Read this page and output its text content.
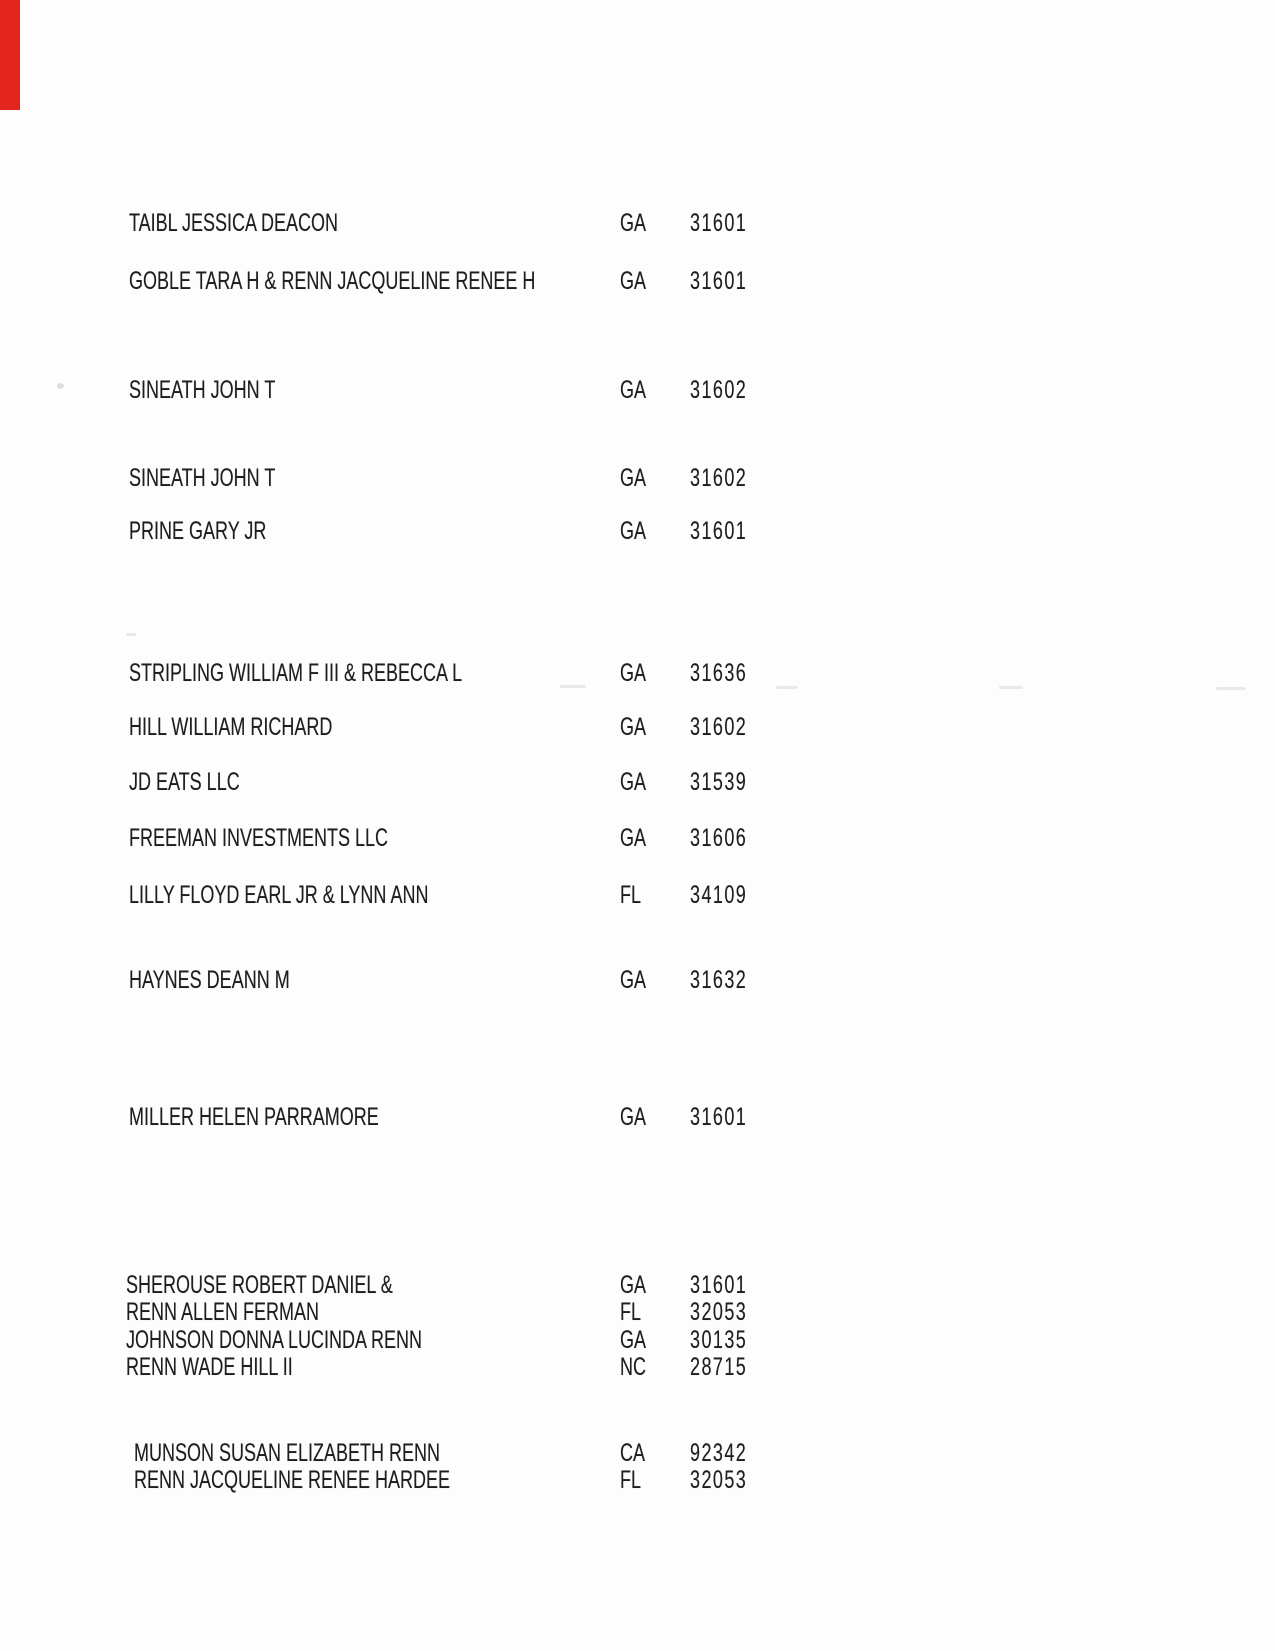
TAIBL JESSICA DEACON	GA 31601
GOBLE TARA H & RENN JACQUELINE RENEE H	GA 31601
SINEATH JOHN T	GA 31602
SINEATH JOHN T	GA 31602
PRINE GARY JR	GA 31601
STRIPLING WILLIAM F III & REBECCA L	GA 31636
HILL WILLIAM RICHARD	GA 31602
JD EATS LLC	GA 31539
FREEMAN INVESTMENTS LLC	GA 31606
LILLY FLOYD EARL JR & LYNN ANN	FL 34109
HAYNES DEANN M	GA 31632
MILLER HELEN PARRAMORE	GA 31601
SHEROUSE ROBERT DANIEL &	GA 31601
RENN ALLEN FERMAN	FL 32053
JOHNSON DONNA LUCINDA RENN	GA 30135
RENN WADE HILL II	NC 28715
MUNSON SUSAN ELIZABETH RENN	CA 92342
RENN JACQUELINE RENEE HARDEE	FL 32053
